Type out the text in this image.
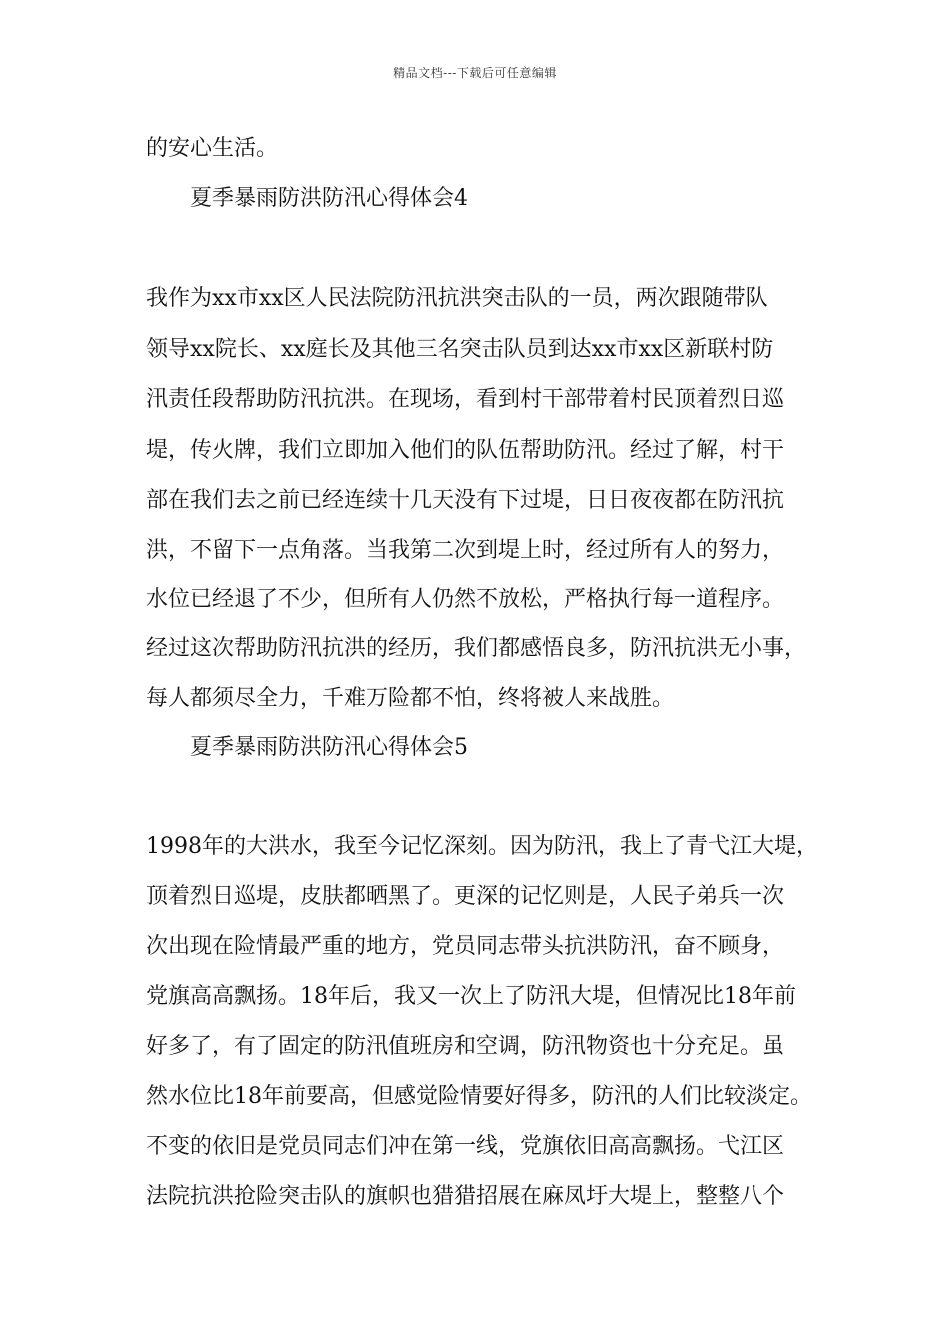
精品文档---下载后可任意编辑
的安心生活。
夏季暴雨防洪防汛心得体会4
我作为xx市xx区人民法院防汛抗洪突击队的一员，两次跟随带队
领导xx院长、xx庭长及其他三名突击队员到达xx市xx区新联村防
汛责任段帮助防汛抗洪。在现场，看到村干部带着村民顶着烈日巡
堤，传火牌，我们立即加入他们的队伍帮助防汛。经过了解，村干
部在我们去之前已经连续十几天没有下过堤，日日夜夜都在防汛抗
洪，不留下一点角落。当我第二次到堤上时，经过所有人的努力，
水位已经退了不少，但所有人仍然不放松，严格执行每一道程序。
经过这次帮助防汛抗洪的经历，我们都感悟良多，防汛抗洪无小事，
每人都须尽全力，千难万险都不怕，终将被人来战胜。
夏季暴雨防洪防汛心得体会5
1998年的大洪水，我至今记忆深刻。因为防汛，我上了青弋江大堤，
顶着烈日巡堤，皮肤都晒黑了。更深的记忆则是，人民子弟兵一次
次出现在险情最严重的地方，党员同志带头抗洪防汛，奋不顾身，
党旗高高飘扬。18年后，我又一次上了防汛大堤，但情况比18年前
好多了，有了固定的防汛值班房和空调，防汛物资也十分充足。虽
然水位比18年前要高，但感觉险情要好得多，防汛的人们比较淡定。
不变的依旧是党员同志们冲在第一线，党旗依旧高高飘扬。弋江区
法院抗洪抢险突击队的旗帜也猎猎招展在麻凤圩大堤上，整整八个
